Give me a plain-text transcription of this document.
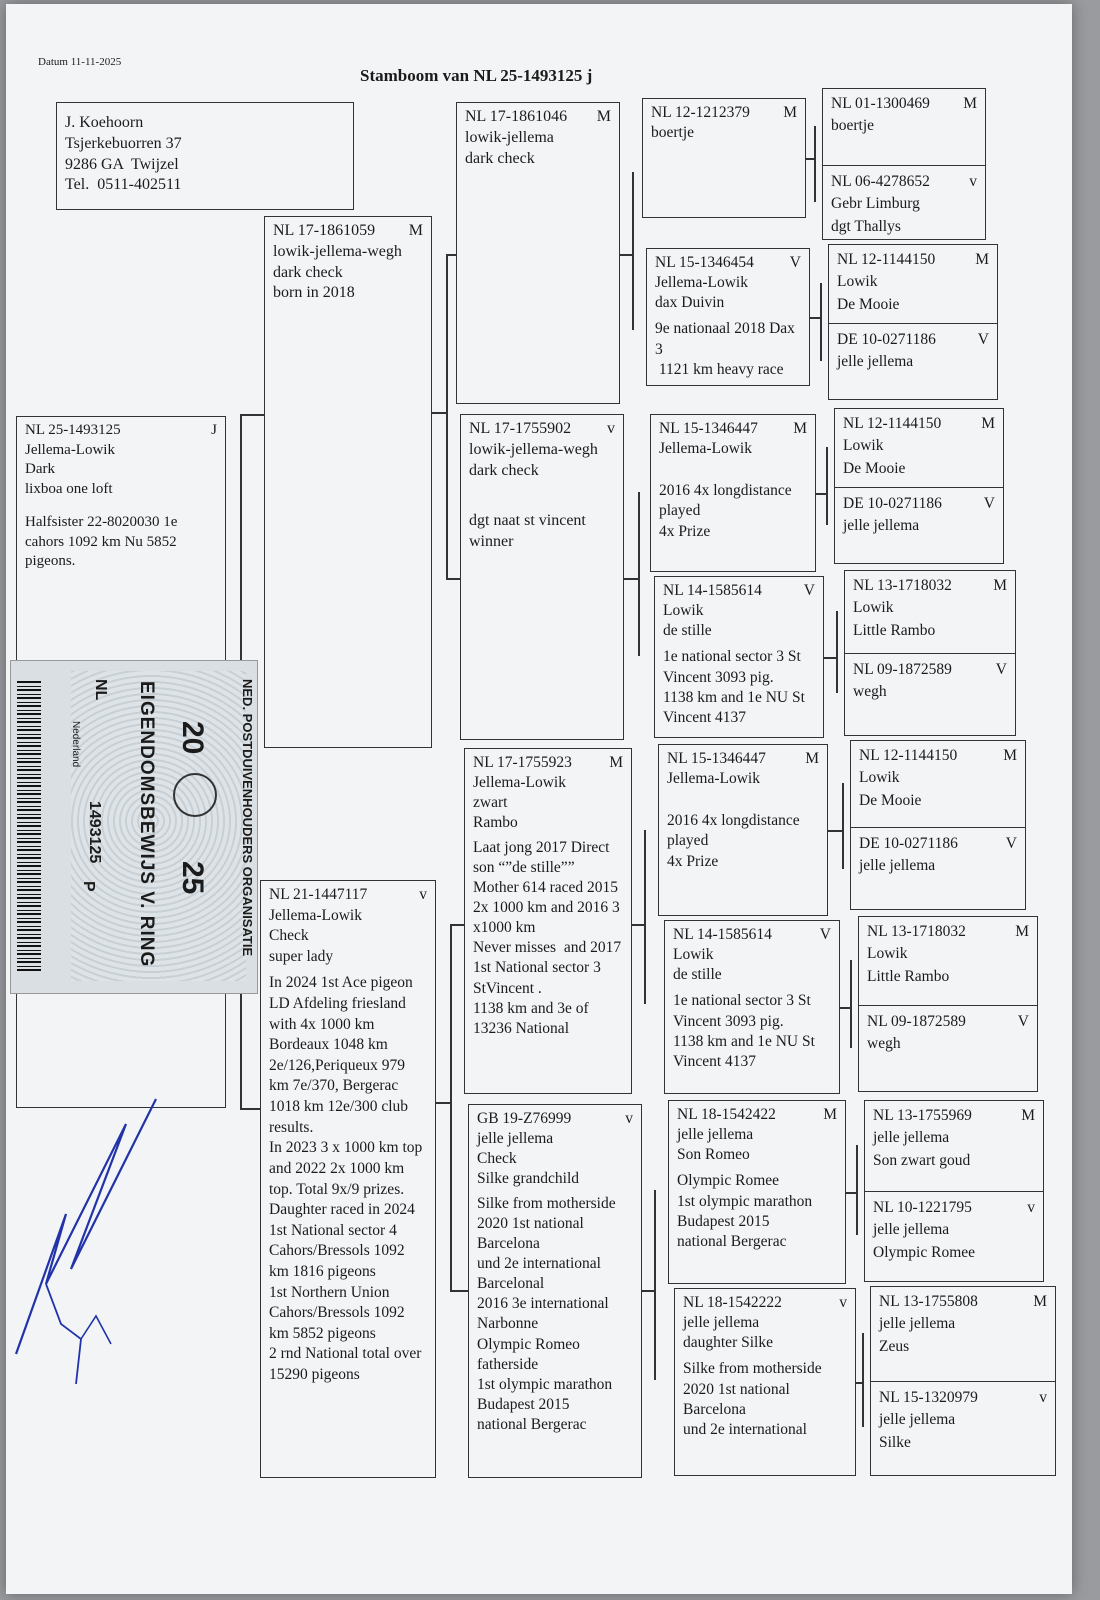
Datum 11-11-2025
Stamboom van NL 25-1493125 j
J. Koehoorn
Tsjerkebuorren 37
9286 GA  Twijzel
Tel.  0511-402511
NL 25-1493125	J
Jellema-Lowik
Dark
lixboa one loft
Halfsister 22-8020030 1e cahors 1092 km Nu 5852 pigeons.
NL 17-1861059 M
lowik-jellema-wegh
dark check
born in 2018
NL 21-1447117	v
Jellema-Lowik
Check
super lady
In 2024 1st Ace pigeon LD Afdeling friesland with 4x 1000 km
Bordeaux 1048 km 2e/126,Periqueux 979 km 7e/370, Bergerac 1018 km 12e/300 club results.
In 2023 3 x 1000 km top and 2022 2x 1000 km top. Total 9x/9 prizes.
Daughter raced in 2024
1st National sector 4 Cahors/Bressols 1092 km 1816 pigeons
1st Northern Union Cahors/Bressols 1092 km 5852 pigeons
2 rnd National total over 15290 pigeons
NL 17-1861046 M
lowik-jellema
dark check
NL 17-1755902 v
lowik-jellema-wegh
dark check
dgt naat st vincent winner
NL 17-1755923 M
Jellema-Lowik
zwart
Rambo
Laat jong 2017 Direct son “”de stille””
Mother 614 raced 2015 2x 1000 km and 2016 3 x1000 km
Never misses  and 2017
1st National sector 3 StVincent .
1138 km and 3e of 13236 National
GB 19-Z76999	v
jelle jellema
Check
Silke grandchild
Silke from motherside 2020 1st national Barcelona
und 2e international Barcelonal
2016 3e international Narbonne
Olympic Romeo fatherside
1st olympic marathon Budapest 2015
national Bergerac
NL 12-1212379 M
boertje
NL 15-1346454 V
Jellema-Lowik
dax Duivin
9e nationaal 2018 Dax 3
1121 km heavy race
NL 15-1346447 M
Jellema-Lowik
2016 4x longdistance played
4x Prize
NL 14-1585614	V
Lowik
de stille
1e national sector 3 St Vincent 3093 pig.
1138 km and 1e NU St Vincent 4137
NL 15-1346447	M
Jellema-Lowik
2016 4x longdistance played
4x Prize
NL 14-1585614	V
Lowik
de stille
1e national sector 3 St Vincent 3093 pig.
1138 km and 1e NU St Vincent 4137
NL 18-1542422	M
jelle jellema
Son Romeo
Olympic Romee
1st olympic marathon Budapest 2015
national Bergerac
NL 18-1542222	v
jelle jellema
daughter Silke
Silke from motherside 2020 1st national Barcelona
und 2e international
NL 01-1300469 M
boertje
NL 06-4278652	v
Gebr Limburg
dgt Thallys
NL 12-1144150	M
Lowik
De Mooie
DE 10-0271186	V
jelle jellema
NL 12-1144150	M
Lowik
De Mooie
DE 10-0271186	V
jelle jellema
NL 13-1718032	M
Lowik
Little Rambo
NL 09-1872589	V
wegh
NL 12-1144150	M
Lowik
De Mooie
DE 10-0271186	V
jelle jellema
NL 13-1718032	M
Lowik
Little Rambo
NL 09-1872589	V
wegh
NL 13-1755969	M
jelle jellema
Son zwart goud
NL 10-1221795	v
jelle jellema
Olympic Romee
NL 13-1755808	M
jelle jellema
Zeus
NL 15-1320979	v
jelle jellema
Silke
NED. POSTDUIVENHOUDERS ORGANISATIE
EIGENDOMSBEWIJS V. RING 20
25
NL
Nederland
1493125
P
